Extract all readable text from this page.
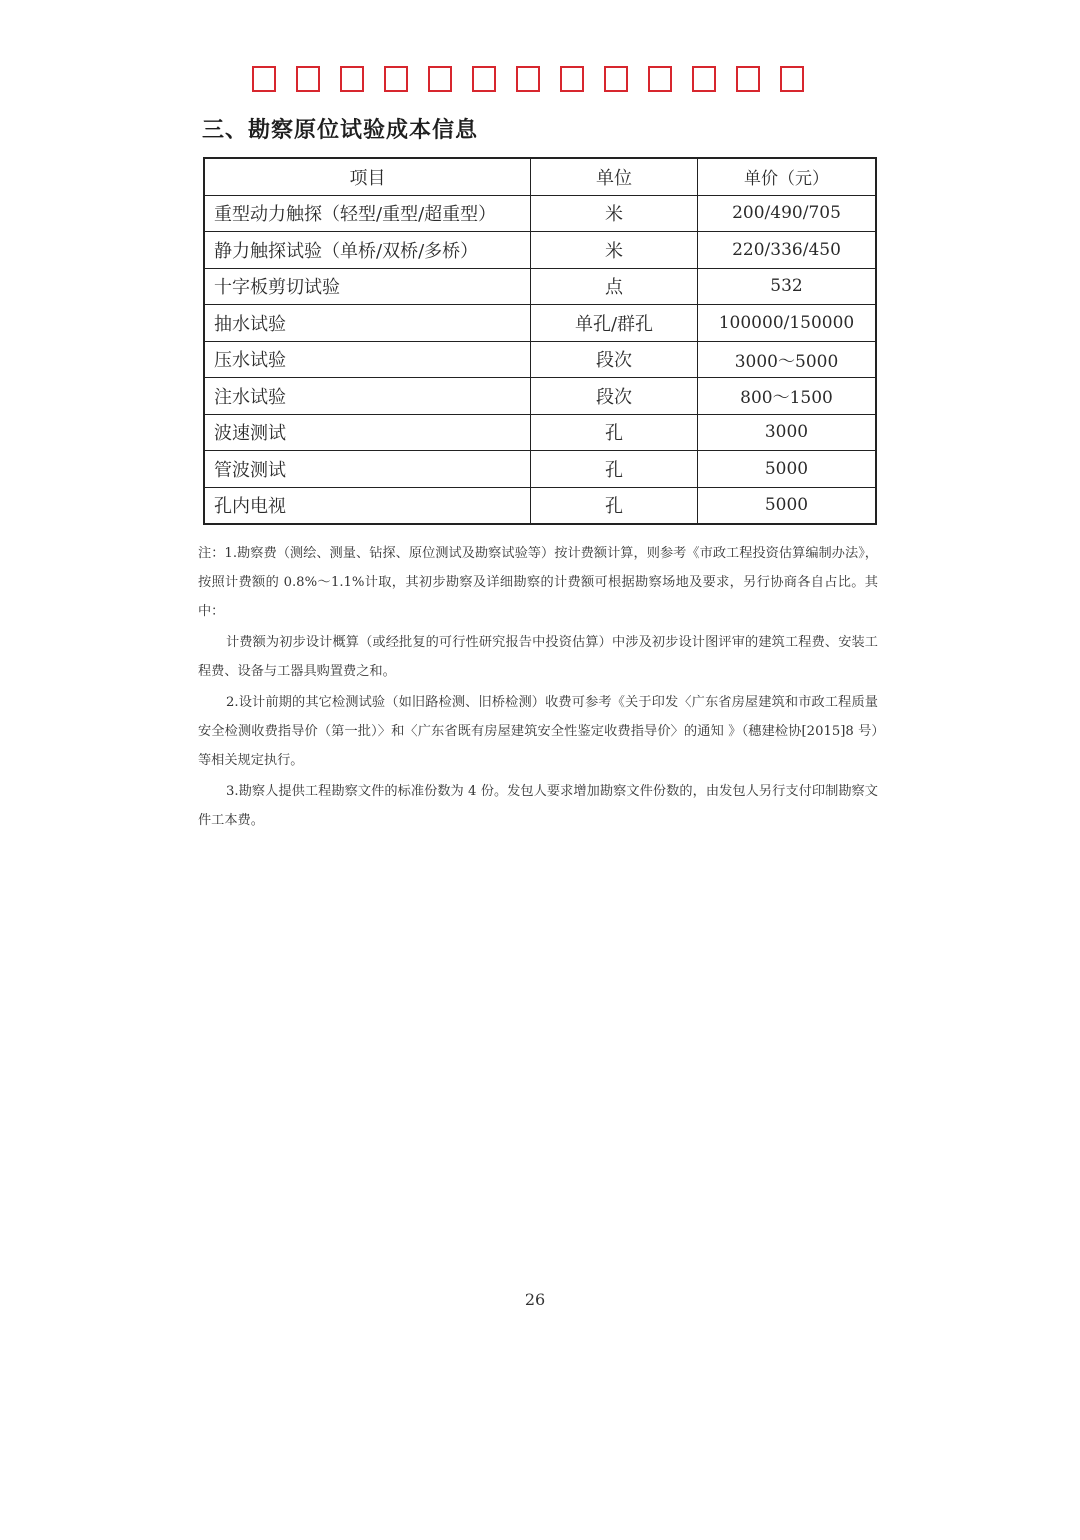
三、勘察原位试验成本信息
项目	单位	单价（元）
重型动力触探（轻型/重型/超重型）	米	200/490/705
静力触探试验（单桥/双桥/多桥）	米	220/336/450
十字板剪切试验	点	532
抽水试验	单孔/群孔	100000/150000
压水试验	段次	3000～5000
注水试验	段次	800～1500
波速测试	孔	3000
管波测试	孔	5000
孔内电视	孔	5000

注：1.勘察费（测绘、测量、钻探、原位测试及勘察试验等）按计费额计算，则参考《市政工程投资估算编制办法》，按照计费额的 0.8%～1.1%计取，其初步勘察及详细勘察的计费额可根据勘察场地及要求，另行协商各自占比。其中：

计费额为初步设计概算（或经批复的可行性研究报告中投资估算）中涉及初步设计图评审的建筑工程费、安装工程费、设备与工器具购置费之和。

2.设计前期的其它检测试验（如旧路检测、旧桥检测）收费可参考《关于印发〈广东省房屋建筑和市政工程质量安全检测收费指导价（第一批）〉和〈广东省既有房屋建筑安全性鉴定收费指导价〉的通知 》（穗建检协[2015]8 号）等相关规定执行。

3.勘察人提供工程勘察文件的标准份数为 4 份。发包人要求增加勘察文件份数的，由发包人另行支付印制勘察文件工本费。

26
